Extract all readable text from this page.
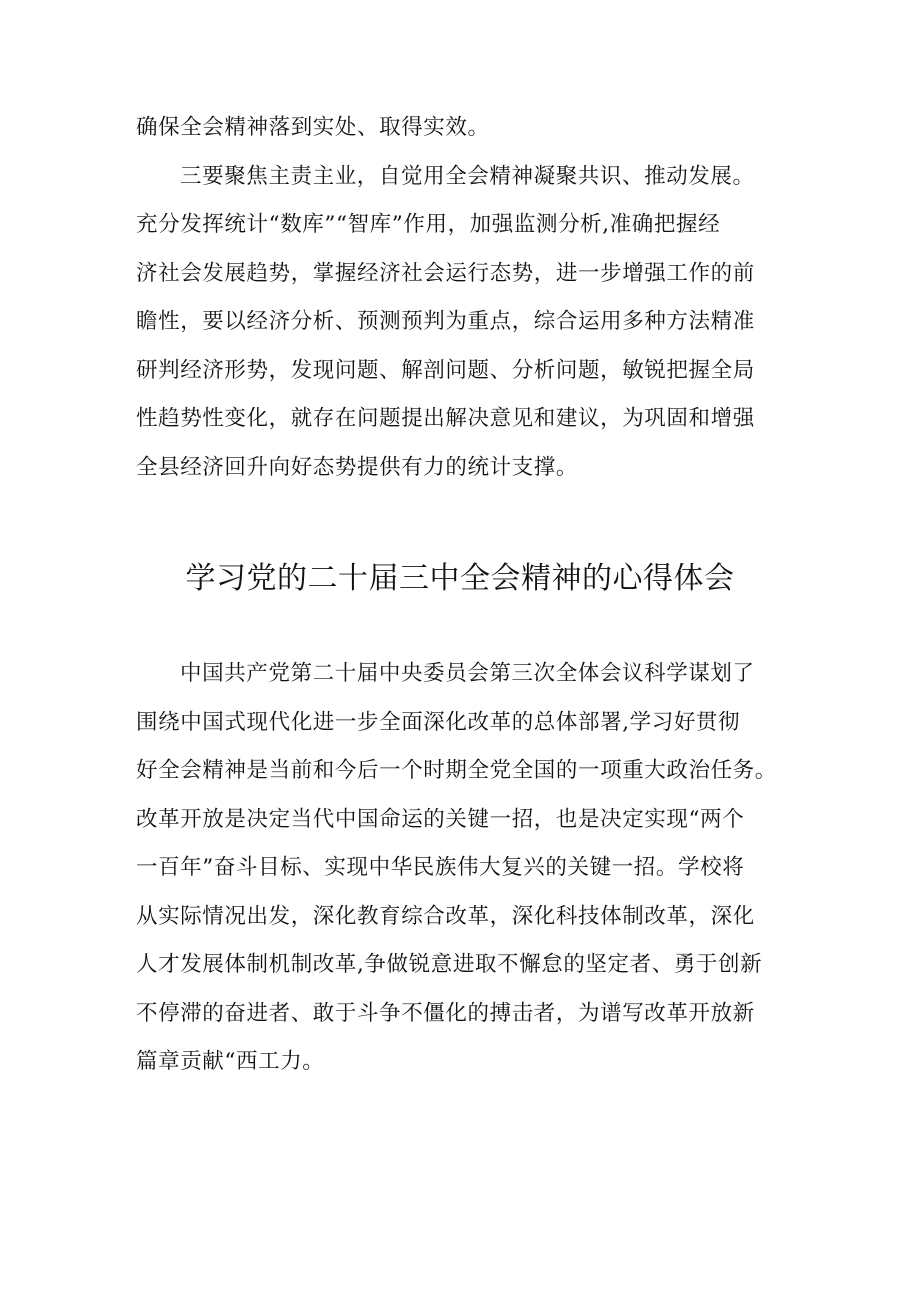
确保全会精神落到实处、取得实效。
三要聚焦主责主业，自觉用全会精神凝聚共识、推动发展。
充分发挥统计“数库”“智库”作用，加强监测分析,准确把握经
济社会发展趋势，掌握经济社会运行态势，进一步增强工作的前
瞻性，要以经济分析、预测预判为重点，综合运用多种方法精准
研判经济形势，发现问题、解剖问题、分析问题，敏锐把握全局
性趋势性变化，就存在问题提出解决意见和建议，为巩固和增强
全县经济回升向好态势提供有力的统计支撑。
学习党的二十届三中全会精神的心得体会
中国共产党第二十届中央委员会第三次全体会议科学谋划了
围绕中国式现代化进一步全面深化改革的总体部署,学习好贯彻
好全会精神是当前和今后一个时期全党全国的一项重大政治任务。
改革开放是决定当代中国命运的关键一招，也是决定实现“两个
一百年”奋斗目标、实现中华民族伟大复兴的关键一招。学校将
从实际情况出发，深化教育综合改革，深化科技体制改革，深化
人才发展体制机制改革,争做锐意进取不懈怠的坚定者、勇于创新
不停滞的奋进者、敢于斗争不僵化的搏击者，为谱写改革开放新
篇章贡献“西工力。
